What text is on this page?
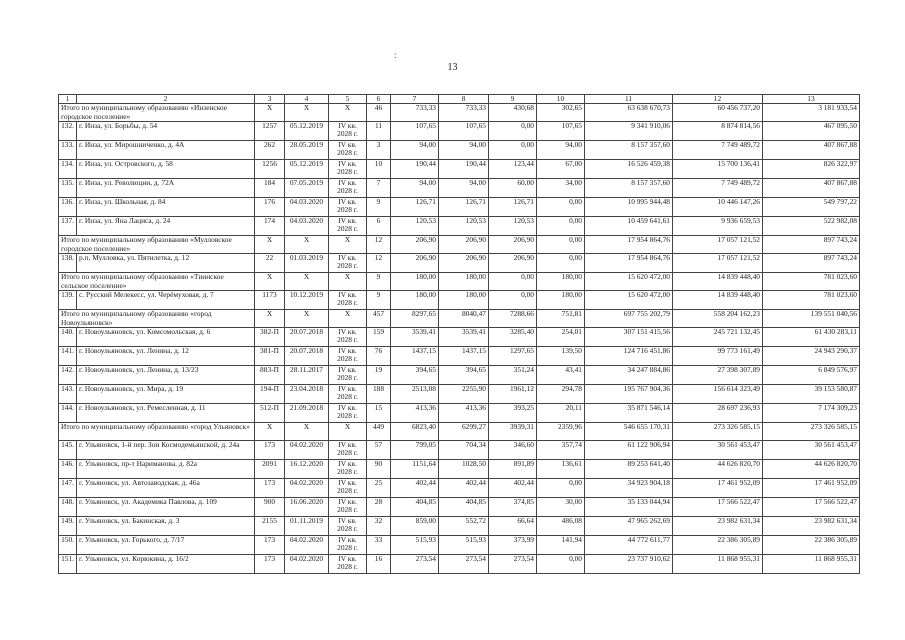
13
:
1	2	3	4	5	6	7	8	9	10	11	12	13
Итого по муниципальному образованию «Инзенское городское поселение»		X	X	X	46	733,33	733,33	430,68	302,65	63 638 670,73	60 456 737,20	3 181 933,54
132.	г. Инза, ул. Борьбы, д. 54	1257	05.12.2019	IV кв. 2028 г.	11	107,65	107,65	0,00	107,65	9 341 910,06	8 874 814,56	467 095,50
133.	г. Инза, ул. Мирошниченко, д. 4А	262	28.05.2019	IV кв. 2028 г.	3	94,00	94,00	0,00	94,00	8 157 357,60	7 749 489,72	407 867,88
134.	г. Инза, ул. Островского, д. 58	1256	05.12.2019	IV кв. 2028 г.	10	190,44	190,44	123,44	67,00	16 526 459,38	15 700 136,41	826 322,97
135.	г. Инза, ул. Революции, д. 72А	184	07.05.2019	IV кв. 2028 г.	7	94,00	94,00	60,00	34,00	8 157 357,60	7 749 489,72	407 867,88
136.	г. Инза, ул. Школьная, д. 84	176	04.03.2020	IV кв. 2028 г.	9	126,71	126,71	126,71	0,00	10 995 944,48	10 446 147,26	549 797,22
137.	г. Инза, ул. Яна Лациса, д. 24	174	04.03.2020	IV кв. 2028 г.	6	120,53	120,53	120,53	0,00	10 459 641,61	9 936 659,53	522 982,08
Итого по муниципальному образованию «Мулловское городское поселение»		X	X	X	12	206,90	206,90	206,90	0,00	17 954 864,76	17 057 121,52	897 743,24
138.	р.п. Мулловка, ул. Пятилетка, д. 12	22	01.03.2019	IV кв. 2028 г.	12	206,90	206,90	206,90	0,00	17 954 864,76	17 057 121,52	897 743,24
Итого по муниципальному образованию «Тиинское сельское поселение»		X	X	X	9	180,00	180,00	0,00	180,00	15 620 472,00	14 839 448,40	781 023,60
139.	с. Русский Мелекесс, ул. Черёмуховая, д. 7	1173	10.12.2019	IV кв. 2028 г.	9	180,00	180,00	0,00	180,00	15 620 472,00	14 839 448,40	781 023,60
Итого по муниципальному образованию «город Новоульяновск»		X	X	X	457	8297,65	8040,47	7288,66	751,81	697 755 202,79	558 204 162,23	139 551 040,56
140.	г. Новоульяновск, ул. Комсомольская, д. 6	382-П	20.07.2018	IV кв. 2028 г.	159	3539,41	3539,41	3285,40	254,01	307 151 415,56	245 721 132,45	61 430 283,11
141.	г. Новоульяновск, ул. Ленина, д. 12	381-П	20.07.2018	IV кв. 2028 г.	76	1437,15	1437,15	1297,65	139,50	124 716 451,86	99 773 161,49	24 943 290,37
142.	г. Новоульяновск, ул. Ленина, д. 13/23	883-П	28.11.2017	IV кв. 2028 г.	19	394,65	394,65	351,24	43,41	34 247 884,86	27 398 307,89	6 849 576,97
143.	г. Новоульяновск, ул. Мира, д. 19	194-П	23.04.2018	IV кв. 2028 г.	188	2513,08	2255,90	1961,12	294,78	195 767 904,36	156 614 323,49	39 153 580,87
144.	г. Новоульяновск, ул. Ремесленная, д. 11	512-П	21.09.2018	IV кв. 2028 г.	15	413,36	413,36	393,25	20,11	35 871 546,14	28 697 236,93	7 174 309,23
Итого по муниципальному образованию «город Ульяновск»		X	X	X	449	6823,40	6299,27	3939,31	2359,96	546 655 170,31	273 326 585,15	273 326 585,15
145.	г. Ульяновск, 1-й пер. Зои Космодемьянской, д. 24а	173	04.02.2020	IV кв. 2028 г.	57	799,05	704,34	346,60	357,74	61 122 906,94	30 561 453,47	30 561 453,47
146.	г. Ульяновск, пр-т Нариманова, д. 82а	2091	16.12.2020	IV кв. 2028 г.	90	1151,64	1028,50	891,89	136,61	89 253 641,40	44 626 820,70	44 626 820,70
147.	г. Ульяновск, ул. Автозаводская, д. 46а	173	04.02.2020	IV кв. 2028 г.	25	402,44	402,44	402,44	0,00	34 923 904,18	17 461 952,09	17 461 952,09
148.	г. Ульяновск, ул. Академика Павлова, д. 109	900	16.06.2020	IV кв. 2028 г.	28	404,85	404,85	374,85	30,00	35 133 044,94	17 566 522,47	17 566 522,47
149.	г. Ульяновск, ул. Бакинская, д. 3	2155	01.11.2019	IV кв. 2028 г.	32	859,00	552,72	66,64	486,08	47 965 262,69	23 982 631,34	23 982 631,34
150.	г. Ульяновск, ул. Горького, д. 7/17	173	04.02.2020	IV кв. 2028 г.	33	515,93	515,93	373,99	141,94	44 772 611,77	22 386 305,89	22 386 305,89
151.	г. Ульяновск, ул. Корюкина, д. 16/2	173	04.02.2020	IV кв. 2028 г.	16	273,54	273,54	273,54	0,00	23 737 910,62	11 868 955,31	11 868 955,31
